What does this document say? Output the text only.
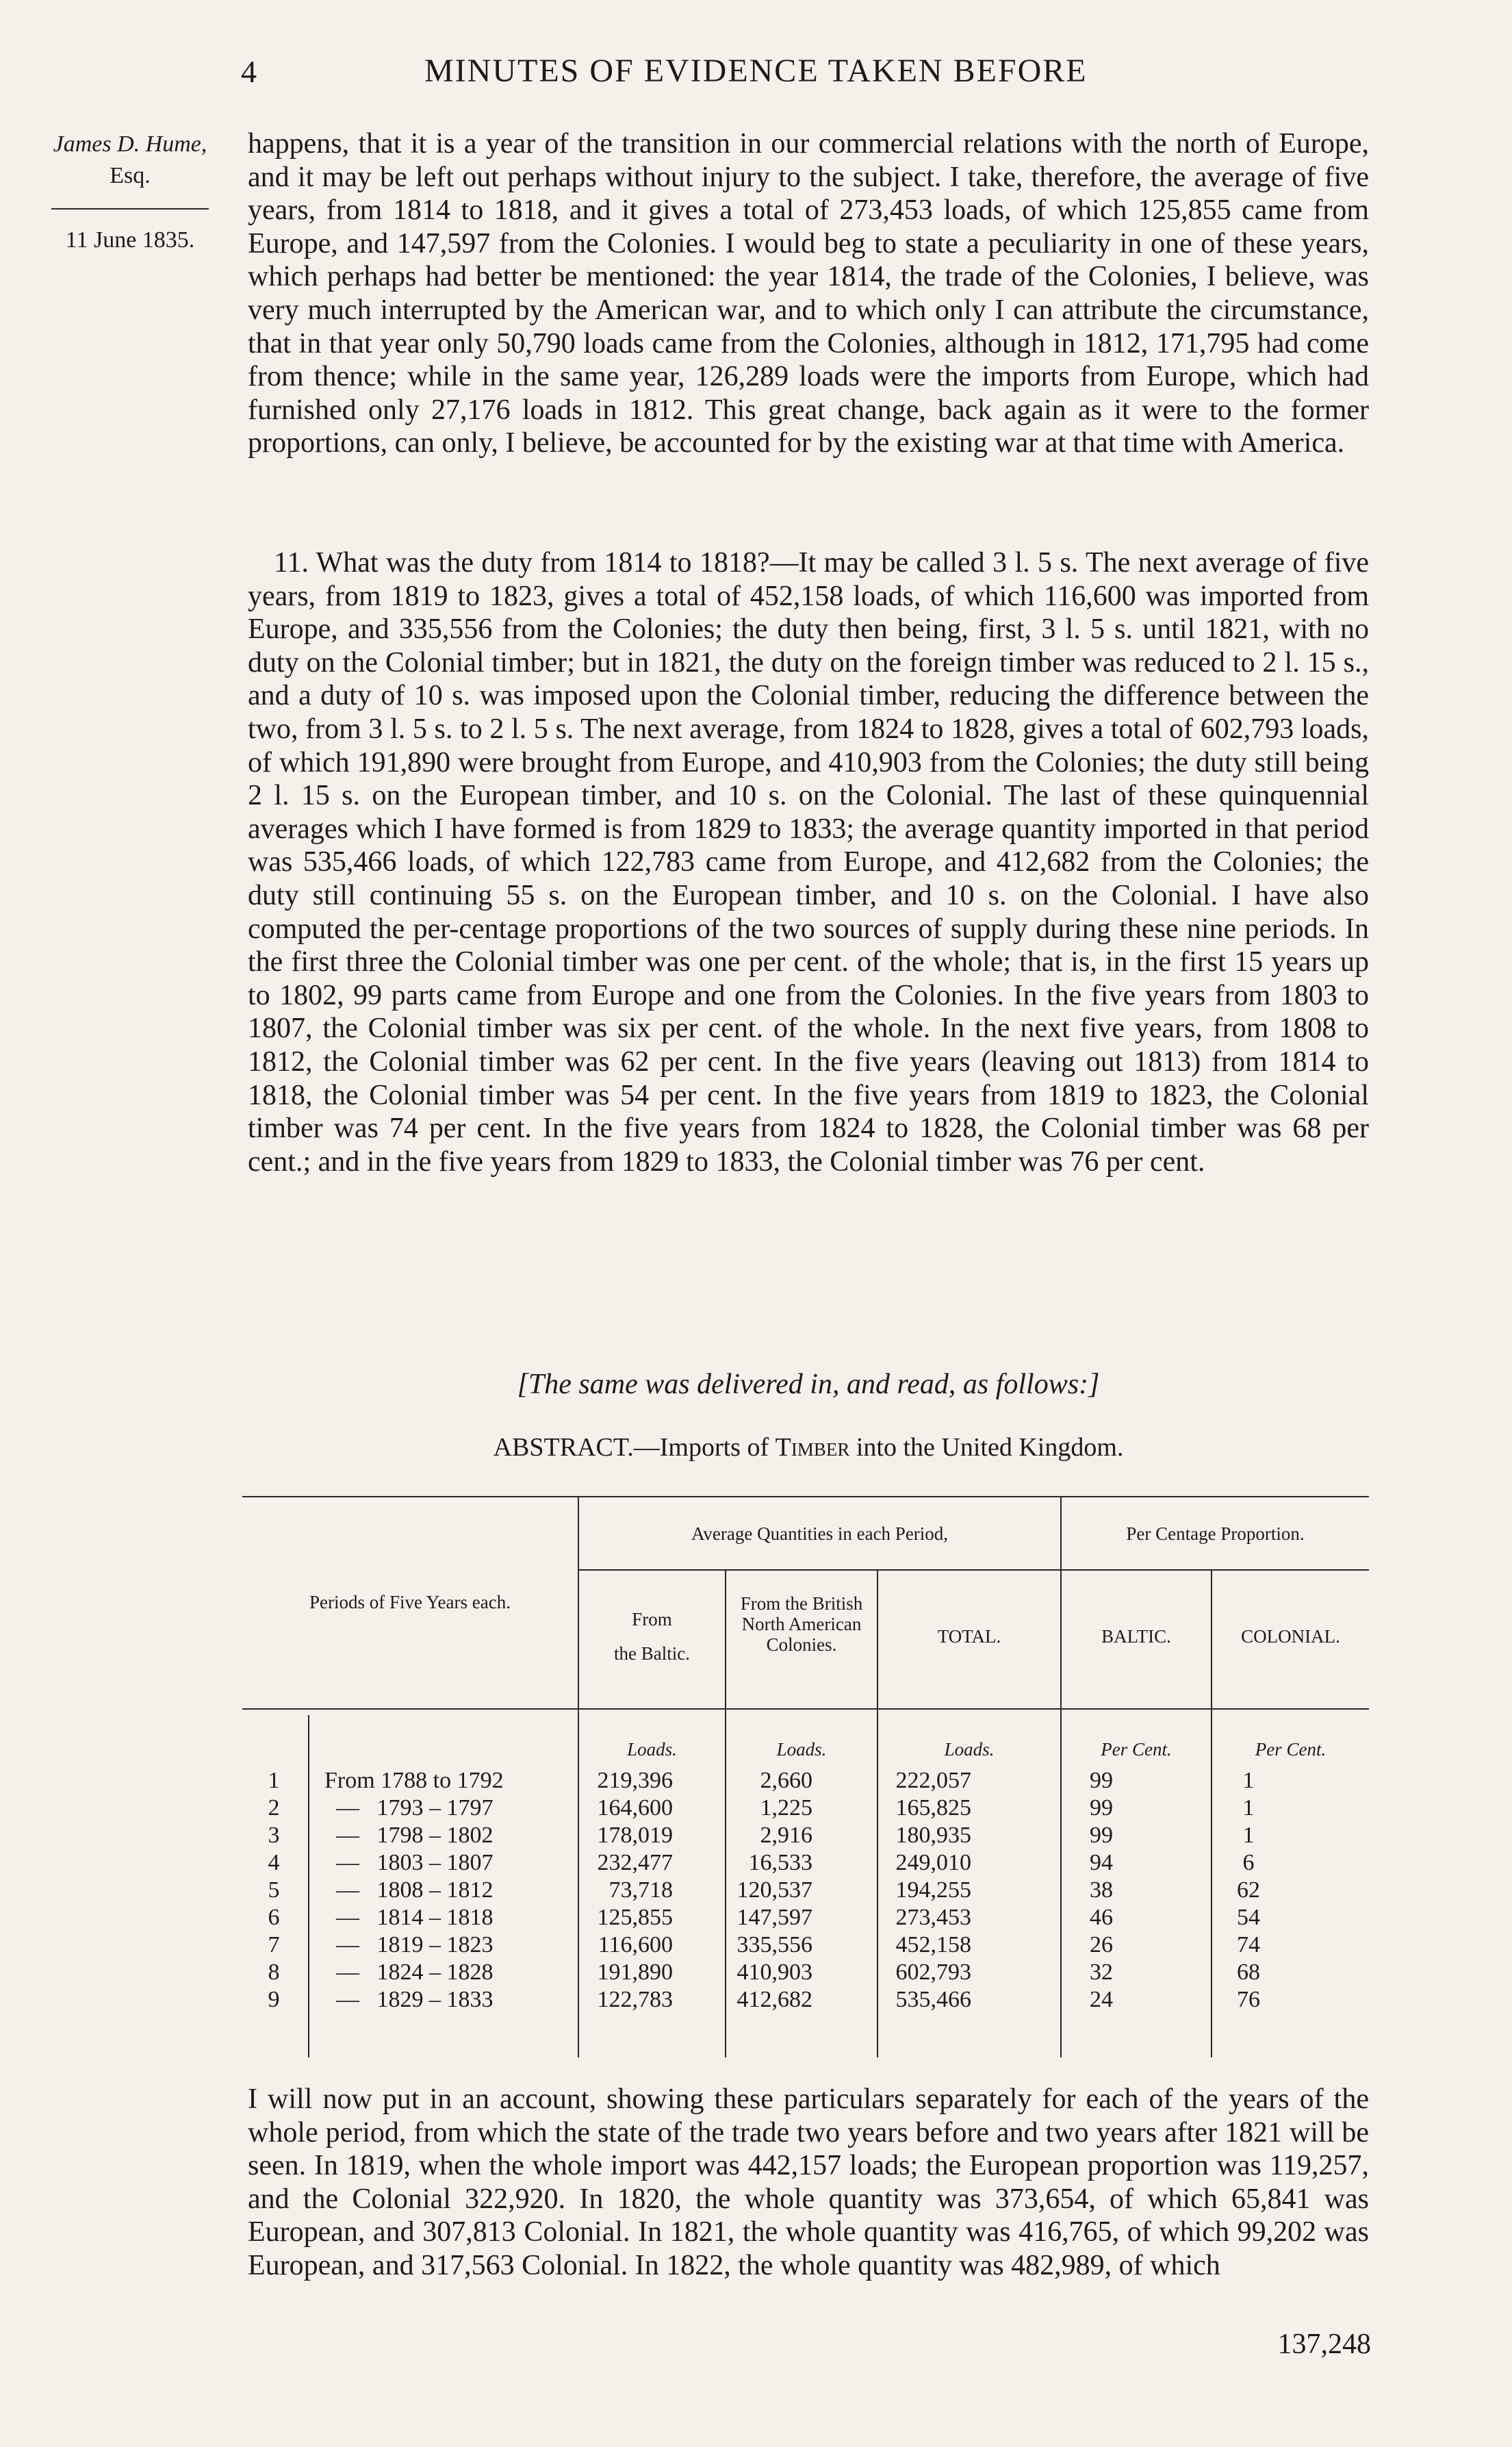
4	MINUTES OF EVIDENCE TAKEN BEFORE
James D. Hume,
Esq.
11 June 1835.

happens, that it is a year of the transition in our commercial relations with the north of Europe, and it may be left out perhaps without injury to the subject. I take, therefore, the average of five years, from 1814 to 1818, and it gives a total of 273,453 loads, of which 125,855 came from Europe, and 147,597 from the Colonies. I would beg to state a peculiarity in one of these years, which perhaps had better be mentioned: the year 1814, the trade of the Colonies, I believe, was very much interrupted by the American war, and to which only I can attribute the circumstance, that in that year only 50,790 loads came from the Colonies, although in 1812, 171,795 had come from thence; while in the same year, 126,289 loads were the imports from Europe, which had furnished only 27,176 loads in 1812. This great change, back again as it were to the former proportions, can only, I believe, be accounted for by the existing war at that time with America.

11. What was the duty from 1814 to 1818?—It may be called 3 l. 5 s. The next average of five years, from 1819 to 1823, gives a total of 452,158 loads, of which 116,600 was imported from Europe, and 335,556 from the Colonies; the duty then being, first, 3 l. 5 s. until 1821, with no duty on the Colonial timber; but in 1821, the duty on the foreign timber was reduced to 2 l. 15 s., and a duty of 10 s. was imposed upon the Colonial timber, reducing the difference between the two, from 3 l. 5 s. to 2 l. 5 s. The next average, from 1824 to 1828, gives a total of 602,793 loads, of which 191,890 were brought from Europe, and 410,903 from the Colonies; the duty still being 2 l. 15 s. on the European timber, and 10 s. on the Colonial. The last of these quinquennial averages which I have formed is from 1829 to 1833; the average quantity imported in that period was 535,466 loads, of which 122,783 came from Europe, and 412,682 from the Colonies; the duty still continuing 55 s. on the European timber, and 10 s. on the Colonial. I have also computed the per-centage proportions of the two sources of supply during these nine periods. In the first three the Colonial timber was one per cent. of the whole; that is, in the first 15 years up to 1802, 99 parts came from Europe and one from the Colonies. In the five years from 1803 to 1807, the Colonial timber was six per cent. of the whole. In the next five years, from 1808 to 1812, the Colonial timber was 62 per cent. In the five years (leaving out 1813) from 1814 to 1818, the Colonial timber was 54 per cent. In the five years from 1819 to 1823, the Colonial timber was 74 per cent. In the five years from 1824 to 1828, the Colonial timber was 68 per cent.; and in the five years from 1829 to 1833, the Colonial timber was 76 per cent.

[The same was delivered in, and read, as follows:]
ABSTRACT.—Imports of Timber into the United Kingdom.
Periods of Five Years each.
Average Quantities in each Period,	Per Centage Proportion.
From
the Baltic.
From the British North American Colonies.	TOTAL.	BALTIC.	COLONIAL.
Loads.	Loads.	Loads.	Per Cent.	Per Cent.
1	From 1788 to 1792	219,396	2,660	222,057	99	1
2	—   1793 – 1797	164,600	1,225	165,825	99	1
3	—   1798 – 1802	178,019	2,916	180,935	99	1
4	—   1803 – 1807	232,477	16,533	249,010	94	6
5	—   1808 – 1812	73,718	120,537	194,255	38	62
6	—   1814 – 1818	125,855	147,597	273,453	46	54
7	—   1819 – 1823	116,600	335,556	452,158	26	74
8	—   1824 – 1828	191,890	410,903	602,793	32	68
9	—   1829 – 1833	122,783	412,682	535,466	24	76

I will now put in an account, showing these particulars separately for each of the years of the whole period, from which the state of the trade two years before and two years after 1821 will be seen. In 1819, when the whole import was 442,157 loads; the European proportion was 119,257, and the Colonial 322,920. In 1820, the whole quantity was 373,654, of which 65,841 was European, and 307,813 Colonial. In 1821, the whole quantity was 416,765, of which 99,202 was European, and 317,563 Colonial. In 1822, the whole quantity was 482,989, of which

137,248
